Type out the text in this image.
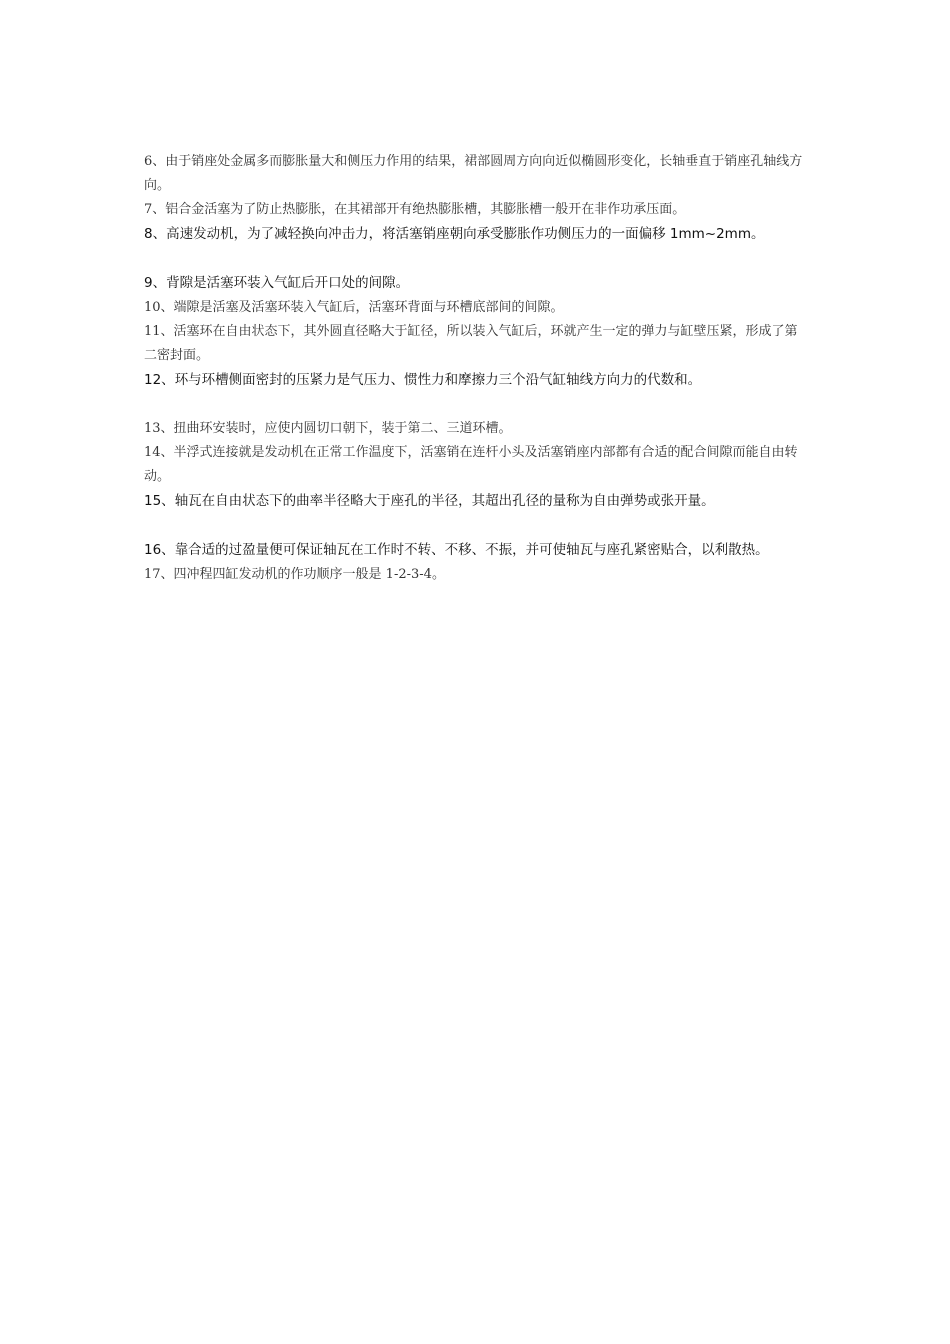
6、由于销座处金属多而膨胀量大和侧压力作用的结果，裙部圆周方向向近似椭圆形变化，长轴垂直于销座孔轴线方向。

7、铝合金活塞为了防止热膨胀，在其裙部开有绝热膨胀槽，其膨胀槽一般开在非作功承压面。

8、高速发动机，为了减轻换向冲击力，将活塞销座朝向承受膨胀作功侧压力的一面偏移 1mm~2mm。

9、背隙是活塞环装入气缸后开口处的间隙。

10、端隙是活塞及活塞环装入气缸后，活塞环背面与环槽底部间的间隙。

11、活塞环在自由状态下，其外圆直径略大于缸径，所以装入气缸后，环就产生一定的弹力与缸壁压紧，形成了第二密封面。

12、环与环槽侧面密封的压紧力是气压力、惯性力和摩擦力三个沿气缸轴线方向力的代数和。

13、扭曲环安装时，应使内圆切口朝下，装于第二、三道环槽。

14、半浮式连接就是发动机在正常工作温度下，活塞销在连杆小头及活塞销座内部都有合适的配合间隙而能自由转动。

15、轴瓦在自由状态下的曲率半径略大于座孔的半径，其超出孔径的量称为自由弹势或张开量。

16、靠合适的过盈量便可保证轴瓦在工作时不转、不移、不振，并可使轴瓦与座孔紧密贴合，以利散热。

17、四冲程四缸发动机的作功顺序一般是 1-2-3-4。
